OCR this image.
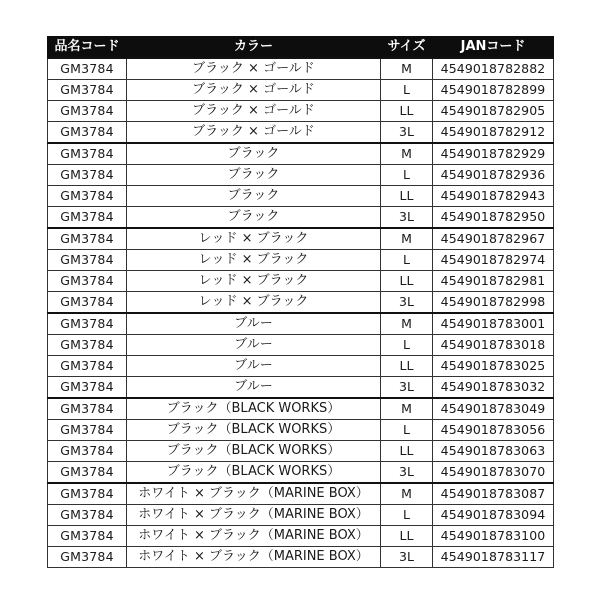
品名コード	カラー	サイズ	JANコード
GM3784	ブラック × ゴールド	M	4549018782882
GM3784	ブラック × ゴールド	L	4549018782899
GM3784	ブラック × ゴールド	LL	4549018782905
GM3784	ブラック × ゴールド	3L	4549018782912
GM3784	ブラック	M	4549018782929
GM3784	ブラック	L	4549018782936
GM3784	ブラック	LL	4549018782943
GM3784	ブラック	3L	4549018782950
GM3784	レッド × ブラック	M	4549018782967
GM3784	レッド × ブラック	L	4549018782974
GM3784	レッド × ブラック	LL	4549018782981
GM3784	レッド × ブラック	3L	4549018782998
GM3784	ブルー	M	4549018783001
GM3784	ブルー	L	4549018783018
GM3784	ブルー	LL	4549018783025
GM3784	ブルー	3L	4549018783032
GM3784	ブラック（BLACK WORKS）	M	4549018783049
GM3784	ブラック（BLACK WORKS）	L	4549018783056
GM3784	ブラック（BLACK WORKS）	LL	4549018783063
GM3784	ブラック（BLACK WORKS）	3L	4549018783070
GM3784	ホワイト × ブラック（MARINE BOX）	M	4549018783087
GM3784	ホワイト × ブラック（MARINE BOX）	L	4549018783094
GM3784	ホワイト × ブラック（MARINE BOX）	LL	4549018783100
GM3784	ホワイト × ブラック（MARINE BOX）	3L	4549018783117
